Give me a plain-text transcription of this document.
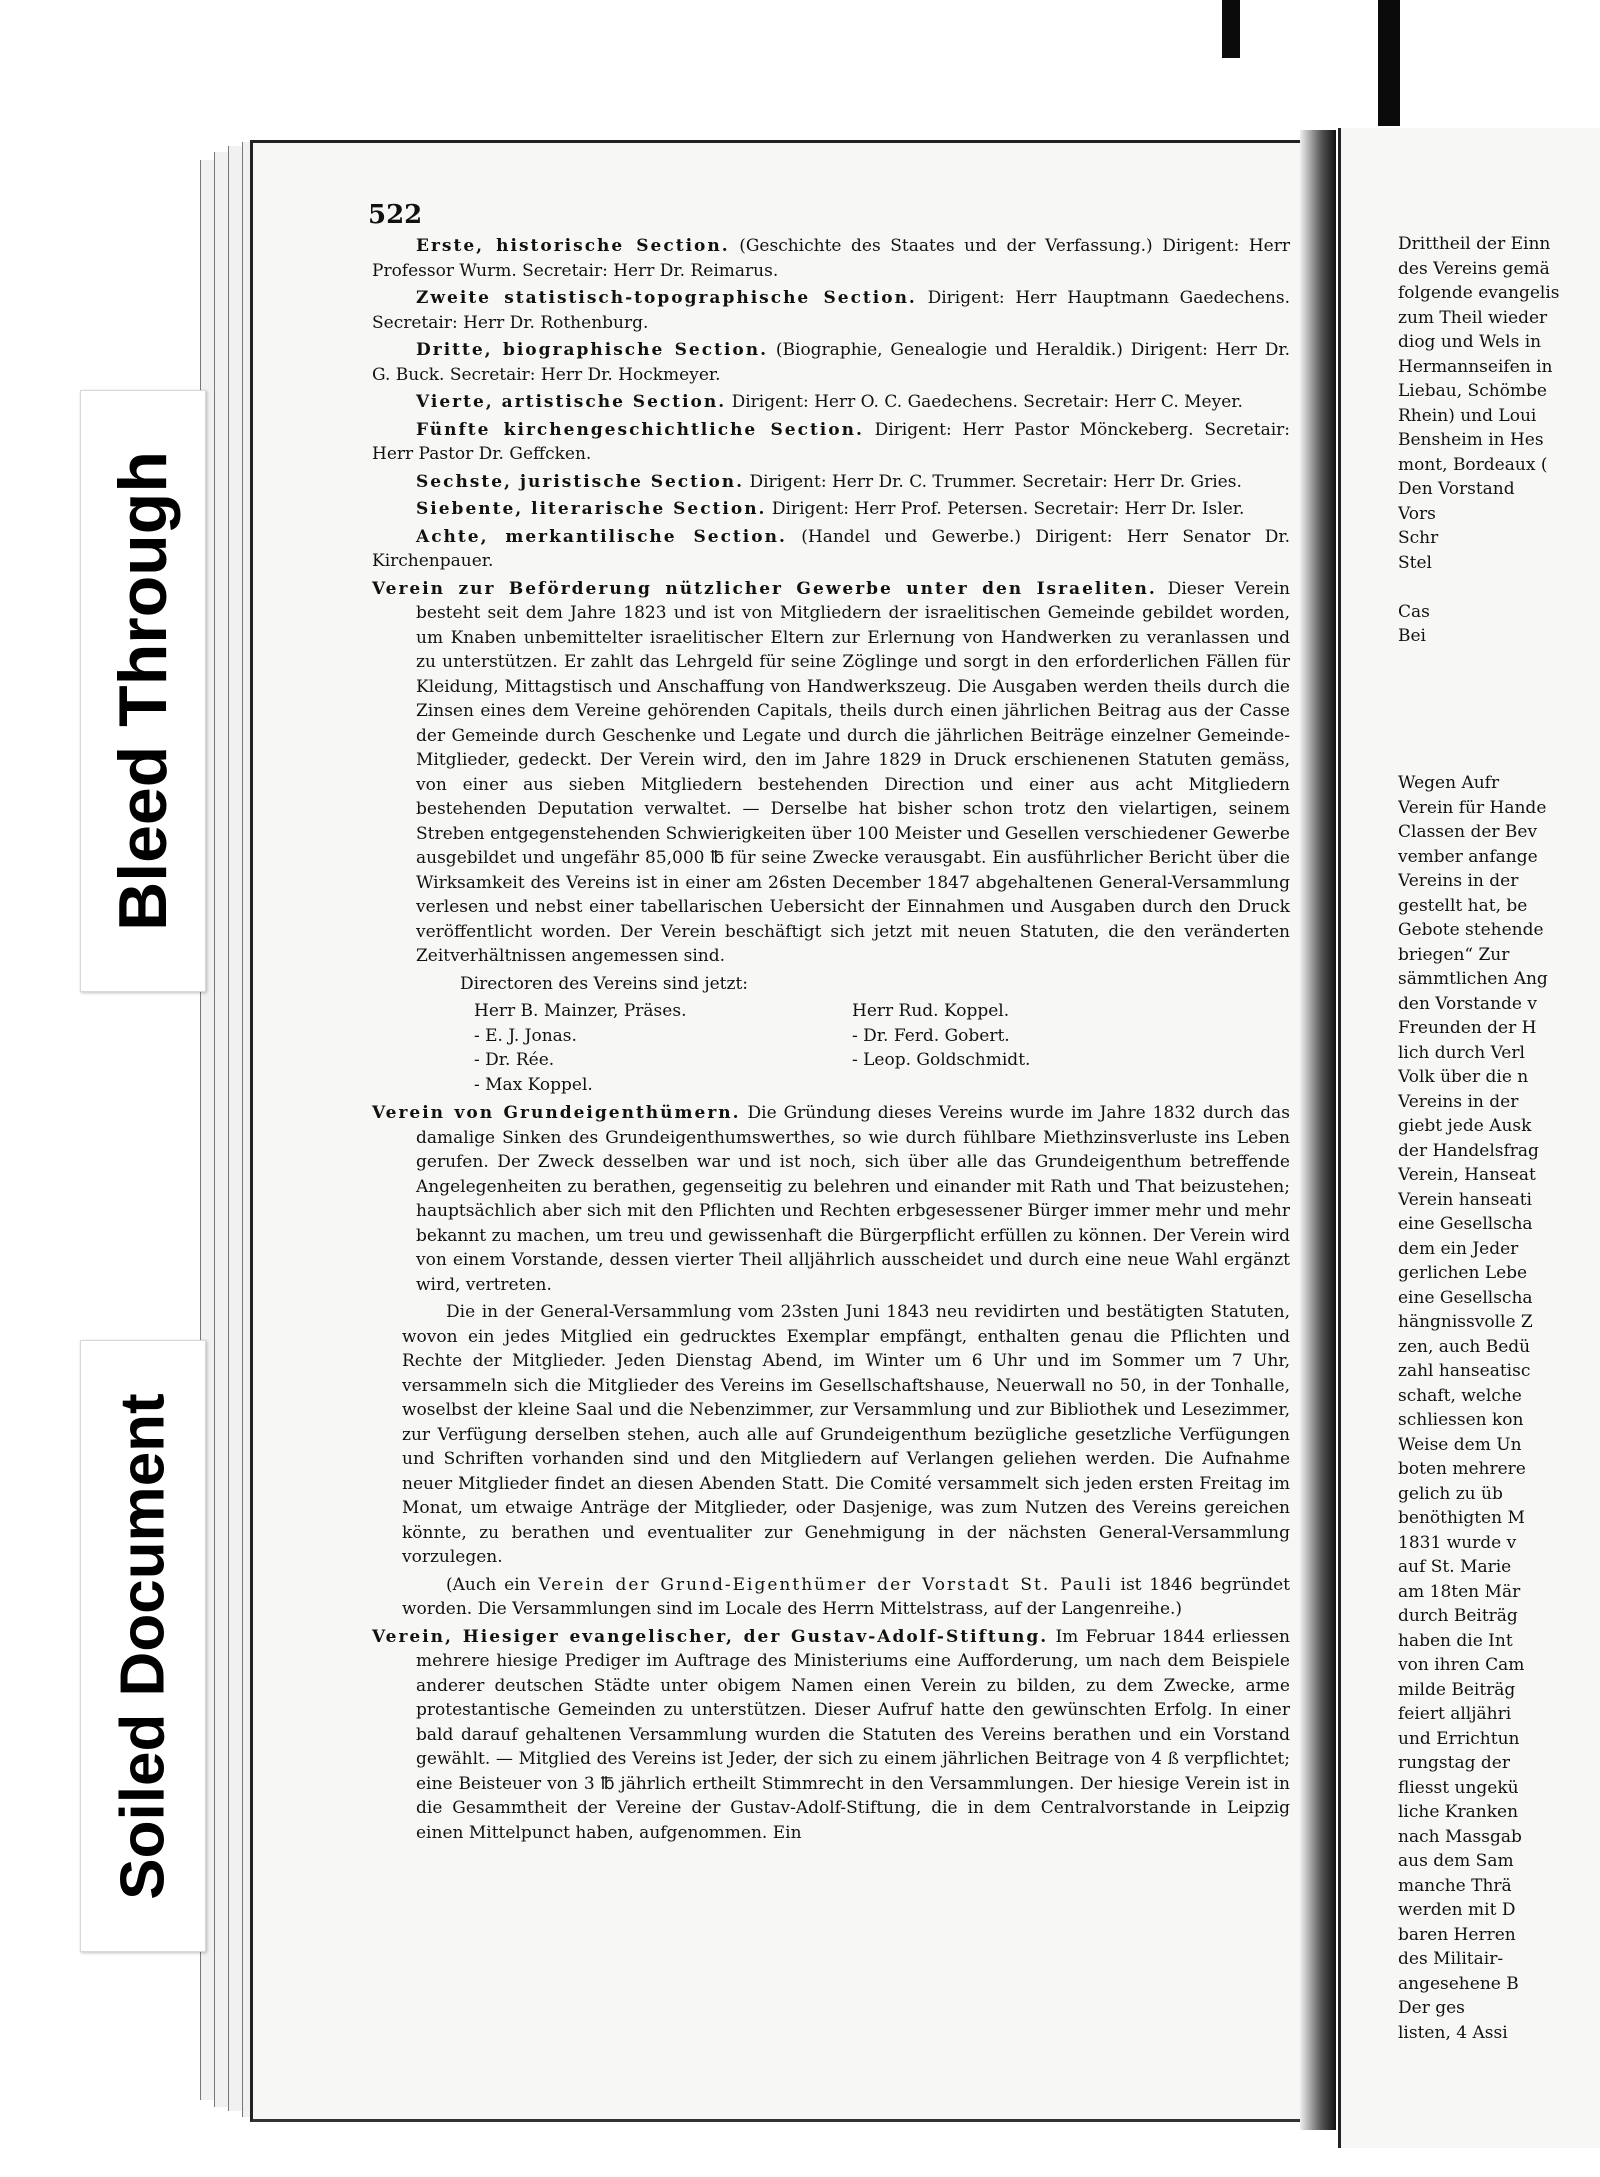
Bleed Through
Soiled Document
522

Erste, historische Section. (Geschichte des Staates und der Verfassung.) Dirigent: Herr Professor Wurm. Secretair: Herr Dr. Reimarus.

Zweite statistisch-topographische Section. Dirigent: Herr Hauptmann Gaedechens. Secretair: Herr Dr. Rothenburg.

Dritte, biographische Section. (Biographie, Genealogie und Heraldik.) Dirigent: Herr Dr. G. Buck. Secretair: Herr Dr. Hockmeyer.

Vierte, artistische Section. Dirigent: Herr O. C. Gaedechens. Secretair: Herr C. Meyer.

Fünfte kirchengeschichtliche Section. Dirigent: Herr Pastor Mönckeberg. Secretair: Herr Pastor Dr. Geffcken.

Sechste, juristische Section. Dirigent: Herr Dr. C. Trummer. Secretair: Herr Dr. Gries.

Siebente, literarische Section. Dirigent: Herr Prof. Petersen. Secretair: Herr Dr. Isler.

Achte, merkantilische Section. (Handel und Gewerbe.) Dirigent: Herr Senator Dr. Kirchenpauer.

Verein zur Beförderung nützlicher Gewerbe unter den Israeliten. Dieser Verein besteht seit dem Jahre 1823 und ist von Mitgliedern der israelitischen Gemeinde gebildet worden, um Knaben unbemittelter israelitischer Eltern zur Erlernung von Handwerken zu veranlassen und zu unterstützen. Er zahlt das Lehrgeld für seine Zöglinge und sorgt in den erforderlichen Fällen für Kleidung, Mittagstisch und Anschaffung von Handwerkszeug. Die Ausgaben werden theils durch die Zinsen eines dem Vereine gehörenden Capitals, theils durch einen jährlichen Beitrag aus der Casse der Gemeinde durch Geschenke und Legate und durch die jährlichen Beiträge einzelner Gemeinde-Mitglieder, gedeckt. Der Verein wird, den im Jahre 1829 in Druck erschienenen Statuten gemäss, von einer aus sieben Mitgliedern bestehenden Direction und einer aus acht Mitgliedern bestehenden Deputation verwaltet. — Derselbe hat bisher schon trotz den vielartigen, seinem Streben entgegenstehenden Schwierigkeiten über 100 Meister und Gesellen verschiedener Gewerbe ausgebildet und ungefähr 85,000 ℔ für seine Zwecke verausgabt. Ein ausführlicher Bericht über die Wirksamkeit des Vereins ist in einer am 26sten December 1847 abgehaltenen General-Versammlung verlesen und nebst einer tabellarischen Uebersicht der Einnahmen und Ausgaben durch den Druck veröffentlicht worden. Der Verein beschäftigt sich jetzt mit neuen Statuten, die den veränderten Zeitverhältnissen angemessen sind.

Directoren des Vereins sind jetzt:

Herr B. Mainzer, Präses.	Herr Rud. Koppel.
- E. J. Jonas.	- Dr. Ferd. Gobert.
- Dr. Rée.	- Leop. Goldschmidt.
- Max Koppel.

Verein von Grundeigenthümern. Die Gründung dieses Vereins wurde im Jahre 1832 durch das damalige Sinken des Grundeigenthumswerthes, so wie durch fühlbare Miethzinsverluste ins Leben gerufen. Der Zweck desselben war und ist noch, sich über alle das Grundeigenthum betreffende Angelegenheiten zu berathen, gegenseitig zu belehren und einander mit Rath und That beizustehen; hauptsächlich aber sich mit den Pflichten und Rechten erbgesessener Bürger immer mehr und mehr bekannt zu machen, um treu und gewissenhaft die Bürgerpflicht erfüllen zu können. Der Verein wird von einem Vorstande, dessen vierter Theil alljährlich ausscheidet und durch eine neue Wahl ergänzt wird, vertreten.

Die in der General-Versammlung vom 23sten Juni 1843 neu revidirten und bestätigten Statuten, wovon ein jedes Mitglied ein gedrucktes Exemplar empfängt, enthalten genau die Pflichten und Rechte der Mitglieder. Jeden Dienstag Abend, im Winter um 6 Uhr und im Sommer um 7 Uhr, versammeln sich die Mitglieder des Vereins im Gesellschaftshause, Neuerwall no 50, in der Tonhalle, woselbst der kleine Saal und die Nebenzimmer, zur Versammlung und zur Bibliothek und Lesezimmer, zur Verfügung derselben stehen, auch alle auf Grundeigenthum bezügliche gesetzliche Verfügungen und Schriften vorhanden sind und den Mitgliedern auf Verlangen geliehen werden. Die Aufnahme neuer Mitglieder findet an diesen Abenden Statt. Die Comité versammelt sich jeden ersten Freitag im Monat, um etwaige Anträge der Mitglieder, oder Dasjenige, was zum Nutzen des Vereins gereichen könnte, zu berathen und eventualiter zur Genehmigung in der nächsten General-Versammlung vorzulegen.

(Auch ein Verein der Grund-Eigenthümer der Vorstadt St. Pauli ist 1846 begründet worden. Die Versammlungen sind im Locale des Herrn Mittelstrass, auf der Langenreihe.)

Verein, Hiesiger evangelischer, der Gustav-Adolf-Stiftung. Im Februar 1844 erliessen mehrere hiesige Prediger im Auftrage des Ministeriums eine Aufforderung, um nach dem Beispiele anderer deutschen Städte unter obigem Namen einen Verein zu bilden, zu dem Zwecke, arme protestantische Gemeinden zu unterstützen. Dieser Aufruf hatte den gewünschten Erfolg. In einer bald darauf gehaltenen Versammlung wurden die Statuten des Vereins berathen und ein Vorstand gewählt. — Mitglied des Vereins ist Jeder, der sich zu einem jährlichen Beitrage von 4 ß verpflichtet; eine Beisteuer von 3 ℔ jährlich ertheilt Stimmrecht in den Versammlungen. Der hiesige Verein ist in die Gesammtheit der Vereine der Gustav-Adolf-Stiftung, die in dem Centralvorstande in Leipzig einen Mittelpunct haben, aufgenommen. Ein

Drittheil der Einn
des Vereins gemä
folgende evangelis
zum Theil wieder
diog und Wels in
Hermannseifen in
Liebau, Schömbe
Rhein) und Loui
Bensheim in Hes
mont, Bordeaux (
Den Vorstand
Vors
Schr
Stel
Cas
Bei
Wegen Aufr
Verein für Hande
Classen der Bev
vember anfange
Vereins in der
gestellt hat, be
Gebote stehende
briegen“ Zur
sämmtlichen Ang
den Vorstande v
Freunden der H
lich durch Verl
Volk über die n
Vereins in der
giebt jede Ausk
der Handelsfrag
Verein, Hanseat
Verein hanseati
eine Gesellscha
dem ein Jeder
gerlichen Lebe
eine Gesellscha
hängnissvolle Z
zen, auch Bedü
zahl hanseatisc
schaft, welche
schliessen kon
Weise dem Un
boten mehrere
gelich zu üb
benöthigten M
1831 wurde v
auf St. Marie
am 18ten Mär
durch Beiträg
haben die Int
von ihren Cam
milde Beiträg
feiert alljähri
und Errichtun
rungstag der
fliesst ungekü
liche Kranken
nach Massgab
aus dem Sam
manche Thrä
werden mit D
baren Herren
des Militair-
angesehene B
Der ges
listen, 4 Assi
